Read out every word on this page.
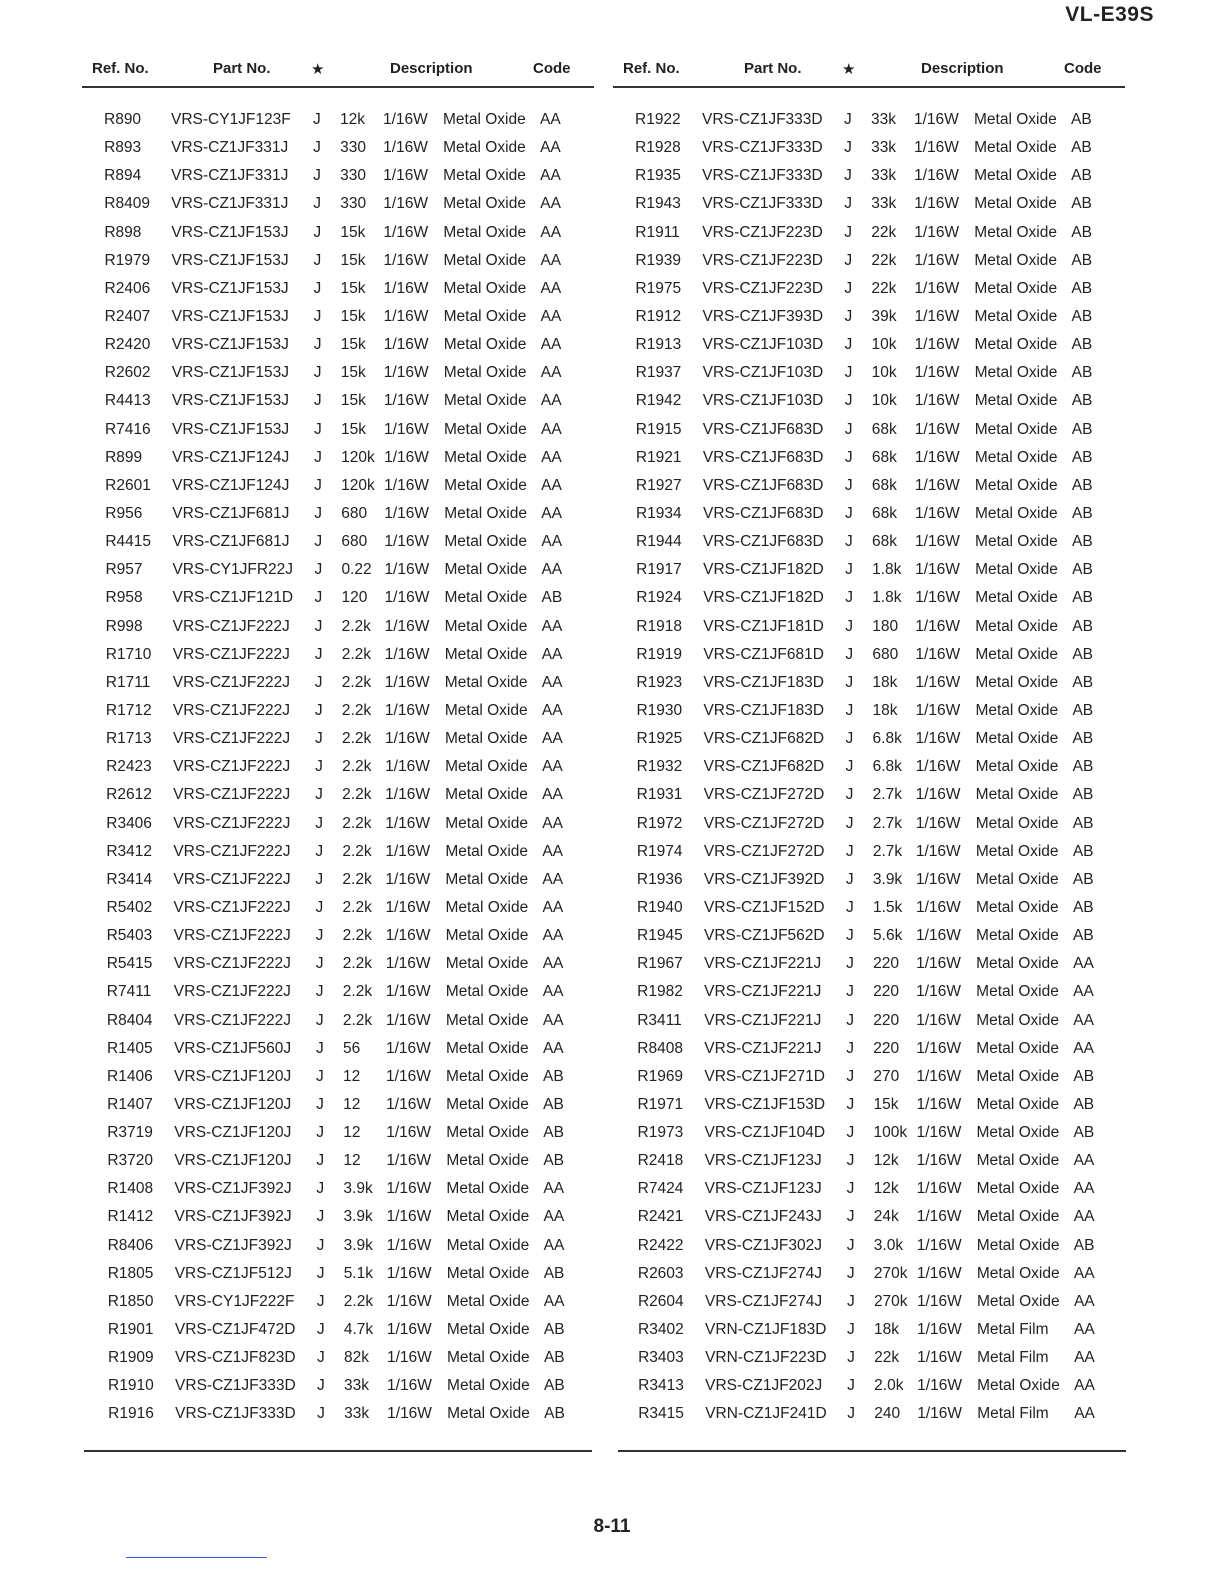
VL-E39S
Ref. No.	Part No.	★	Description	Code
R890 VRS-CY1JF123F J 12k 1/16W Metal Oxide AA
R893 VRS-CZ1JF331J J 330 1/16W Metal Oxide AA
R894 VRS-CZ1JF331J J 330 1/16W Metal Oxide AA
R8409 VRS-CZ1JF331J J 330 1/16W Metal Oxide AA
R898 VRS-CZ1JF153J J 15k 1/16W Metal Oxide AA
R1979 VRS-CZ1JF153J J 15k 1/16W Metal Oxide AA
R2406 VRS-CZ1JF153J J 15k 1/16W Metal Oxide AA
R2407 VRS-CZ1JF153J J 15k 1/16W Metal Oxide AA
R2420 VRS-CZ1JF153J J 15k 1/16W Metal Oxide AA
R2602 VRS-CZ1JF153J J 15k 1/16W Metal Oxide AA
R4413 VRS-CZ1JF153J J 15k 1/16W Metal Oxide AA
R7416 VRS-CZ1JF153J J 15k 1/16W Metal Oxide AA
R899 VRS-CZ1JF124J J 120k 1/16W Metal Oxide AA
R2601 VRS-CZ1JF124J J 120k 1/16W Metal Oxide AA
R956 VRS-CZ1JF681J J 680 1/16W Metal Oxide AA
R4415 VRS-CZ1JF681J J 680 1/16W Metal Oxide AA
R957 VRS-CY1JFR22J J 0.22 1/16W Metal Oxide AA
R958 VRS-CZ1JF121D J 120 1/16W Metal Oxide AB
R998 VRS-CZ1JF222J J 2.2k 1/16W Metal Oxide AA
R1710 VRS-CZ1JF222J J 2.2k 1/16W Metal Oxide AA
R1711 VRS-CZ1JF222J J 2.2k 1/16W Metal Oxide AA
R1712 VRS-CZ1JF222J J 2.2k 1/16W Metal Oxide AA
R1713 VRS-CZ1JF222J J 2.2k 1/16W Metal Oxide AA
R2423 VRS-CZ1JF222J J 2.2k 1/16W Metal Oxide AA
R2612 VRS-CZ1JF222J J 2.2k 1/16W Metal Oxide AA
R3406 VRS-CZ1JF222J J 2.2k 1/16W Metal Oxide AA
R3412 VRS-CZ1JF222J J 2.2k 1/16W Metal Oxide AA
R3414 VRS-CZ1JF222J J 2.2k 1/16W Metal Oxide AA
R5402 VRS-CZ1JF222J J 2.2k 1/16W Metal Oxide AA
R5403 VRS-CZ1JF222J J 2.2k 1/16W Metal Oxide AA
R5415 VRS-CZ1JF222J J 2.2k 1/16W Metal Oxide AA
R7411 VRS-CZ1JF222J J 2.2k 1/16W Metal Oxide AA
R8404 VRS-CZ1JF222J J 2.2k 1/16W Metal Oxide AA
R1405 VRS-CZ1JF560J J 56 1/16W Metal Oxide AA
R1406 VRS-CZ1JF120J J 12 1/16W Metal Oxide AB
R1407 VRS-CZ1JF120J J 12 1/16W Metal Oxide AB
R3719 VRS-CZ1JF120J J 12 1/16W Metal Oxide AB
R3720 VRS-CZ1JF120J J 12 1/16W Metal Oxide AB
R1408 VRS-CZ1JF392J J 3.9k 1/16W Metal Oxide AA
R1412 VRS-CZ1JF392J J 3.9k 1/16W Metal Oxide AA
R8406 VRS-CZ1JF392J J 3.9k 1/16W Metal Oxide AA
R1805 VRS-CZ1JF512J J 5.1k 1/16W Metal Oxide AB
R1850 VRS-CY1JF222F J 2.2k 1/16W Metal Oxide AA
R1901 VRS-CZ1JF472D J 4.7k 1/16W Metal Oxide AB
R1909 VRS-CZ1JF823D J 82k 1/16W Metal Oxide AB
R1910 VRS-CZ1JF333D J 33k 1/16W Metal Oxide AB
R1916 VRS-CZ1JF333D J 33k 1/16W Metal Oxide AB
Ref. No.	Part No.	★	Description	Code
R1922 VRS-CZ1JF333D J 33k 1/16W Metal Oxide AB
R1928 VRS-CZ1JF333D J 33k 1/16W Metal Oxide AB
R1935 VRS-CZ1JF333D J 33k 1/16W Metal Oxide AB
R1943 VRS-CZ1JF333D J 33k 1/16W Metal Oxide AB
R1911 VRS-CZ1JF223D J 22k 1/16W Metal Oxide AB
R1939 VRS-CZ1JF223D J 22k 1/16W Metal Oxide AB
R1975 VRS-CZ1JF223D J 22k 1/16W Metal Oxide AB
R1912 VRS-CZ1JF393D J 39k 1/16W Metal Oxide AB
R1913 VRS-CZ1JF103D J 10k 1/16W Metal Oxide AB
R1937 VRS-CZ1JF103D J 10k 1/16W Metal Oxide AB
R1942 VRS-CZ1JF103D J 10k 1/16W Metal Oxide AB
R1915 VRS-CZ1JF683D J 68k 1/16W Metal Oxide AB
R1921 VRS-CZ1JF683D J 68k 1/16W Metal Oxide AB
R1927 VRS-CZ1JF683D J 68k 1/16W Metal Oxide AB
R1934 VRS-CZ1JF683D J 68k 1/16W Metal Oxide AB
R1944 VRS-CZ1JF683D J 68k 1/16W Metal Oxide AB
R1917 VRS-CZ1JF182D J 1.8k 1/16W Metal Oxide AB
R1924 VRS-CZ1JF182D J 1.8k 1/16W Metal Oxide AB
R1918 VRS-CZ1JF181D J 180 1/16W Metal Oxide AB
R1919 VRS-CZ1JF681D J 680 1/16W Metal Oxide AB
R1923 VRS-CZ1JF183D J 18k 1/16W Metal Oxide AB
R1930 VRS-CZ1JF183D J 18k 1/16W Metal Oxide AB
R1925 VRS-CZ1JF682D J 6.8k 1/16W Metal Oxide AB
R1932 VRS-CZ1JF682D J 6.8k 1/16W Metal Oxide AB
R1931 VRS-CZ1JF272D J 2.7k 1/16W Metal Oxide AB
R1972 VRS-CZ1JF272D J 2.7k 1/16W Metal Oxide AB
R1974 VRS-CZ1JF272D J 2.7k 1/16W Metal Oxide AB
R1936 VRS-CZ1JF392D J 3.9k 1/16W Metal Oxide AB
R1940 VRS-CZ1JF152D J 1.5k 1/16W Metal Oxide AB
R1945 VRS-CZ1JF562D J 5.6k 1/16W Metal Oxide AB
R1967 VRS-CZ1JF221J J 220 1/16W Metal Oxide AA
R1982 VRS-CZ1JF221J J 220 1/16W Metal Oxide AA
R3411 VRS-CZ1JF221J J 220 1/16W Metal Oxide AA
R8408 VRS-CZ1JF221J J 220 1/16W Metal Oxide AA
R1969 VRS-CZ1JF271D J 270 1/16W Metal Oxide AB
R1971 VRS-CZ1JF153D J 15k 1/16W Metal Oxide AB
R1973 VRS-CZ1JF104D J 100k 1/16W Metal Oxide AB
R2418 VRS-CZ1JF123J J 12k 1/16W Metal Oxide AA
R7424 VRS-CZ1JF123J J 12k 1/16W Metal Oxide AA
R2421 VRS-CZ1JF243J J 24k 1/16W Metal Oxide AA
R2422 VRS-CZ1JF302J J 3.0k 1/16W Metal Oxide AB
R2603 VRS-CZ1JF274J J 270k 1/16W Metal Oxide AA
R2604 VRS-CZ1JF274J J 270k 1/16W Metal Oxide AA
R3402 VRN-CZ1JF183D J 18k 1/16W Metal Film AA
R3403 VRN-CZ1JF223D J 22k 1/16W Metal Film AA
R3413 VRS-CZ1JF202J J 2.0k 1/16W Metal Oxide AA
R3415 VRN-CZ1JF241D J 240 1/16W Metal Film AA
8-11
